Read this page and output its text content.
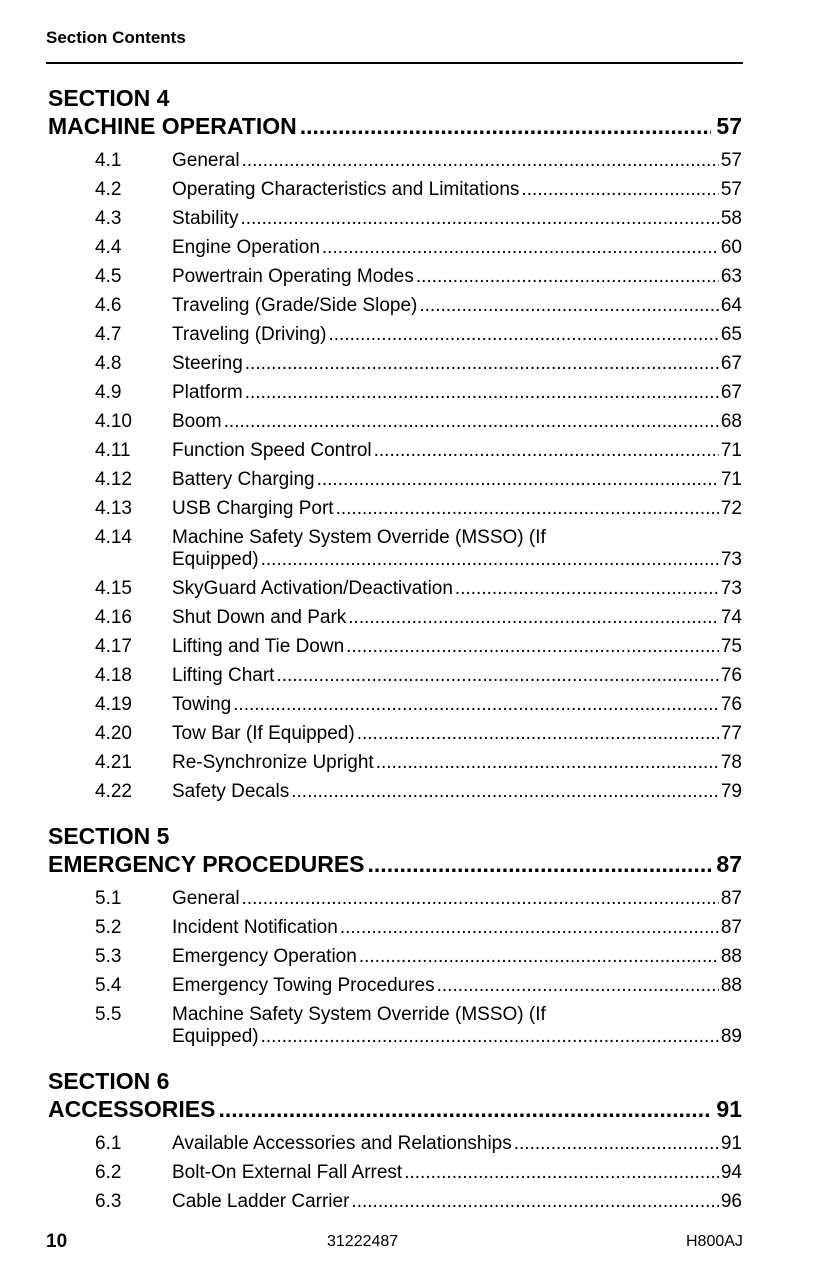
Section Contents
SECTION 4
MACHINE OPERATION .....	57
4.1	General .....	57
4.2	Operating Characteristics and Limitations .....	57
4.3	Stability .....	58
4.4	Engine Operation .....	60
4.5	Powertrain Operating Modes .....	63
4.6	Traveling (Grade/Side Slope) .....	64
4.7	Traveling (Driving) .....	65
4.8	Steering .....	67
4.9	Platform .....	67
4.10	Boom .....	68
4.11	Function Speed Control .....	71
4.12	Battery Charging .....	71
4.13	USB Charging Port .....	72
4.14	Machine Safety System Override (MSSO) (If
Equipped) .....	73
4.15	SkyGuard Activation/Deactivation .....	73
4.16	Shut Down and Park .....	74
4.17	Lifting and Tie Down .....	75
4.18	Lifting Chart .....	76
4.19	Towing .....	76
4.20	Tow Bar (If Equipped) .....	77
4.21	Re-Synchronize Upright .....	78
4.22	Safety Decals .....	79
SECTION 5
EMERGENCY PROCEDURES .....	87
5.1	General .....	87
5.2	Incident Notification .....	87
5.3	Emergency Operation .....	88
5.4	Emergency Towing Procedures .....	88
5.5	Machine Safety System Override (MSSO) (If
Equipped) .....	89
SECTION 6
ACCESSORIES .....	91
6.1	Available Accessories and Relationships .....	91
6.2	Bolt-On External Fall Arrest .....	94
6.3	Cable Ladder Carrier .....	96
10	31222487	H800AJ
